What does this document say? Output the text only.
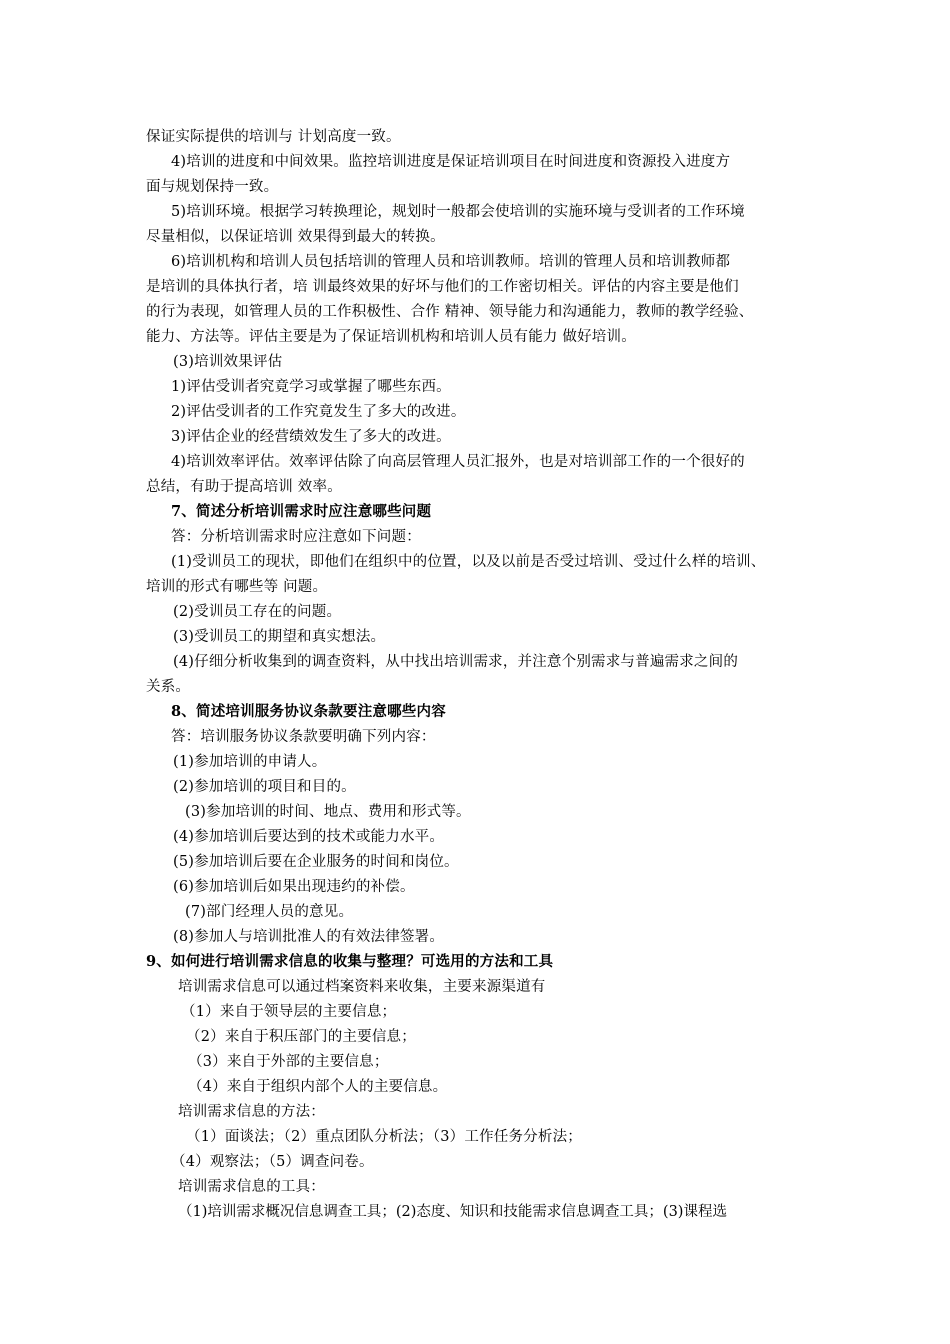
保证实际提供的培训与 计划高度一致。
4)培训的进度和中间效果。监控培训进度是保证培训项目在时间进度和资源投入进度方
面与规划保持一致。
5)培训环境。根据学习转换理论，规划时一般都会使培训的实施环境与受训者的工作环境
尽量相似，以保证培训 效果得到最大的转换。
6)培训机构和培训人员包括培训的管理人员和培训教师。培训的管理人员和培训教师都
是培训的具体执行者，培 训最终效果的好坏与他们的工作密切相关。评估的内容主要是他们
的行为表现，如管理人员的工作积极性、合作 精神、领导能力和沟通能力，教师的教学经验、
能力、方法等。评估主要是为了保证培训机构和培训人员有能力 做好培训。
(3)培训效果评估
1)评估受训者究竟学习或掌握了哪些东西。
2)评估受训者的工作究竟发生了多大的改进。
3)评估企业的经营绩效发生了多大的改进。
4)培训效率评估。效率评估除了向高层管理人员汇报外，也是对培训部工作的一个很好的
总结，有助于提高培训 效率。
7、简述分析培训需求时应注意哪些问题
答：分析培训需求时应注意如下问题：
(1)受训员工的现状，即他们在组织中的位置，以及以前是否受过培训、受过什么样的培训、
培训的形式有哪些等 问题。
(2)受训员工存在的问题。
(3)受训员工的期望和真实想法。
(4)仔细分析收集到的调查资料，从中找出培训需求，并注意个别需求与普遍需求之间的
关系。
8、简述培训服务协议条款要注意哪些内容
答：培训服务协议条款要明确下列内容：
(1)参加培训的申请人。
(2)参加培训的项目和目的。
(3)参加培训的时间、地点、费用和形式等。
(4)参加培训后要达到的技术或能力水平。
(5)参加培训后要在企业服务的时间和岗位。
(6)参加培训后如果出现违约的补偿。
(7)部门经理人员的意见。
(8)参加人与培训批准人的有效法律签署。
9、如何进行培训需求信息的收集与整理？可选用的方法和工具
培训需求信息可以通过档案资料来收集，主要来源渠道有
（1）来自于领导层的主要信息；
（2）来自于积压部门的主要信息；
（3）来自于外部的主要信息；
（4）来自于组织内部个人的主要信息。
培训需求信息的方法：
（1）面谈法；（2）重点团队分析法；（3）工作任务分析法；
（4）观察法；（5）调查问卷。
培训需求信息的工具：
（1)培训需求概况信息调查工具；(2)态度、知识和技能需求信息调查工具；(3)课程选
